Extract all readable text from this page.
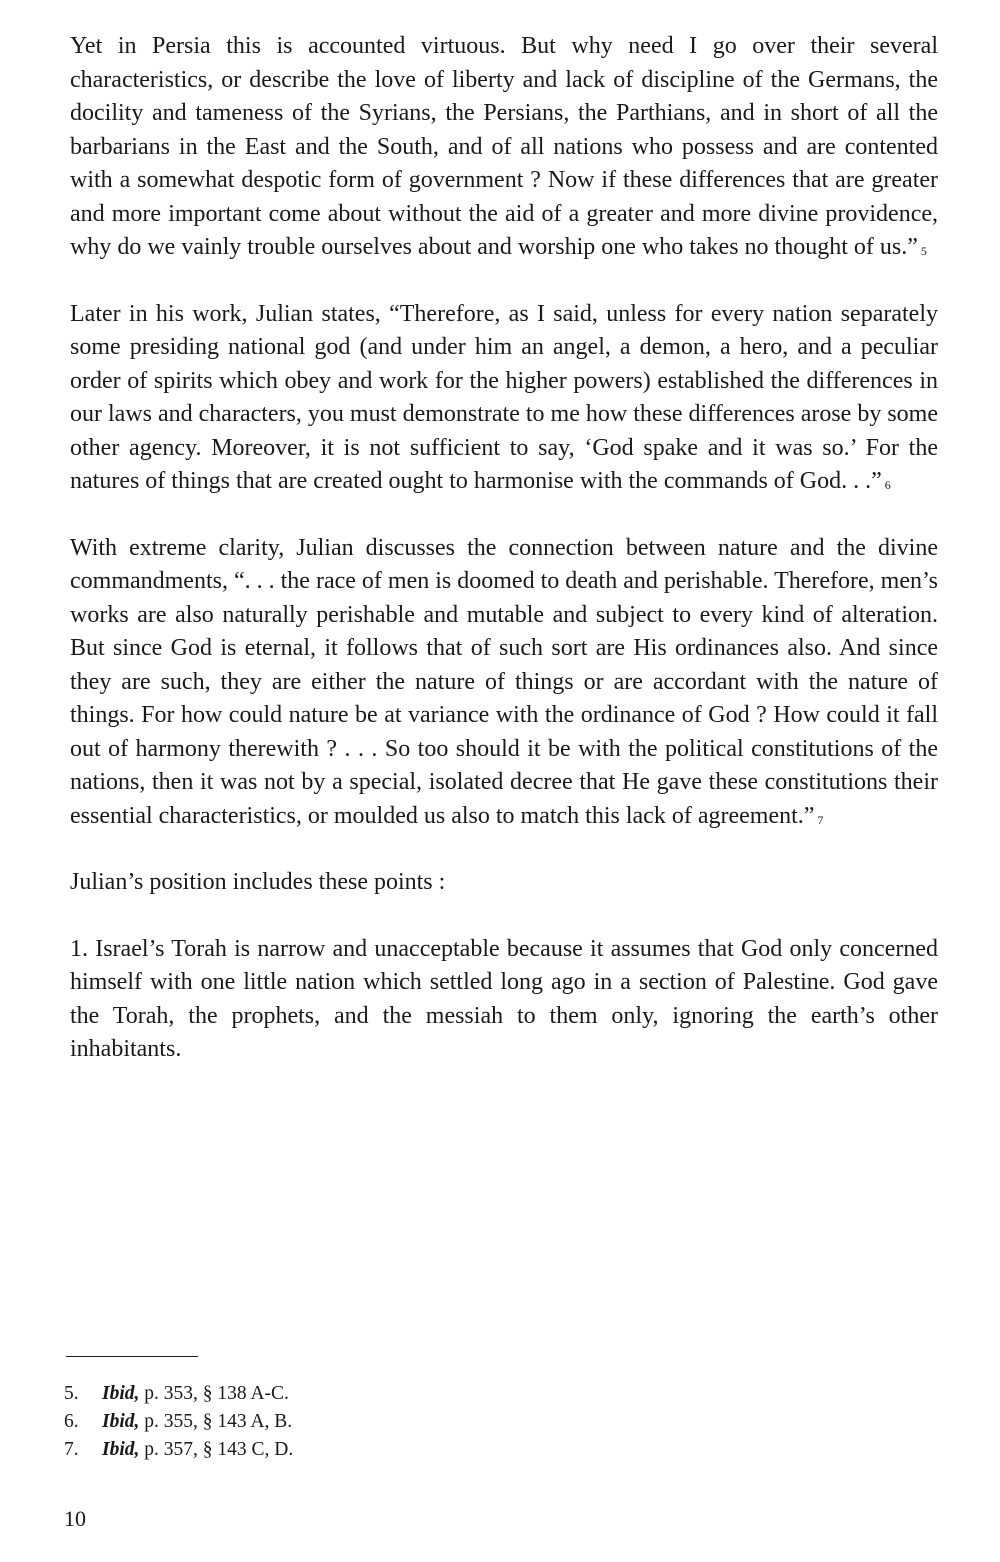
Yet in Persia this is accounted virtuous. But why need I go over their several characteristics, or describe the love of liberty and lack of discipline of the Germans, the docility and tameness of the Syrians, the Persians, the Parthians, and in short of all the barbarians in the East and the South, and of all nations who possess and are contented with a somewhat despotic form of government ? Now if these differences that are greater and more important come about without the aid of a greater and more divine providence, why do we vainly trouble ourselves about and worship one who takes no thought of us.” $^5$

Later in his work, Julian states, “Therefore, as I said, unless for every nation separately some presiding national god (and under him an angel, a demon, a hero, and a peculiar order of spirits which obey and work for the higher powers) established the differences in our laws and characters, you must demonstrate to me how these differences arose by some other agency. Moreover, it is not sufficient to say, ‘God spake and it was so.’ For the natures of things that are created ought to harmonise with the commands of God. . .” $^6$

With extreme clarity, Julian discusses the connection between nature and the divine commandments, “. . . the race of men is doomed to death and perishable. Therefore, men’s works are also naturally perishable and mutable and subject to every kind of alteration. But since God is eternal, it follows that of such sort are His ordinances also. And since they are such, they are either the nature of things or are accordant with the nature of things. For how could nature be at variance with the ordinance of God ? How could it fall out of harmony therewith ? . . . So too should it be with the political constitutions of the nations, then it was not by a special, isolated decree that He gave these constitutions their essential characteristics, or moulded us also to match this lack of agreement.” $^7$

Julian’s position includes these points :

1. Israel’s Torah is narrow and unacceptable because it assumes that God only concerned himself with one little nation which settled long ago in a section of Palestine. God gave the Torah, the prophets, and the messiah to them only, ignoring the earth’s other inhabitants.

5.	Ibid, p. 353, § 138 A-C.
6.	Ibid, p. 355, § 143 A, B.
7.	Ibid, p. 357, § 143 C, D.
10
